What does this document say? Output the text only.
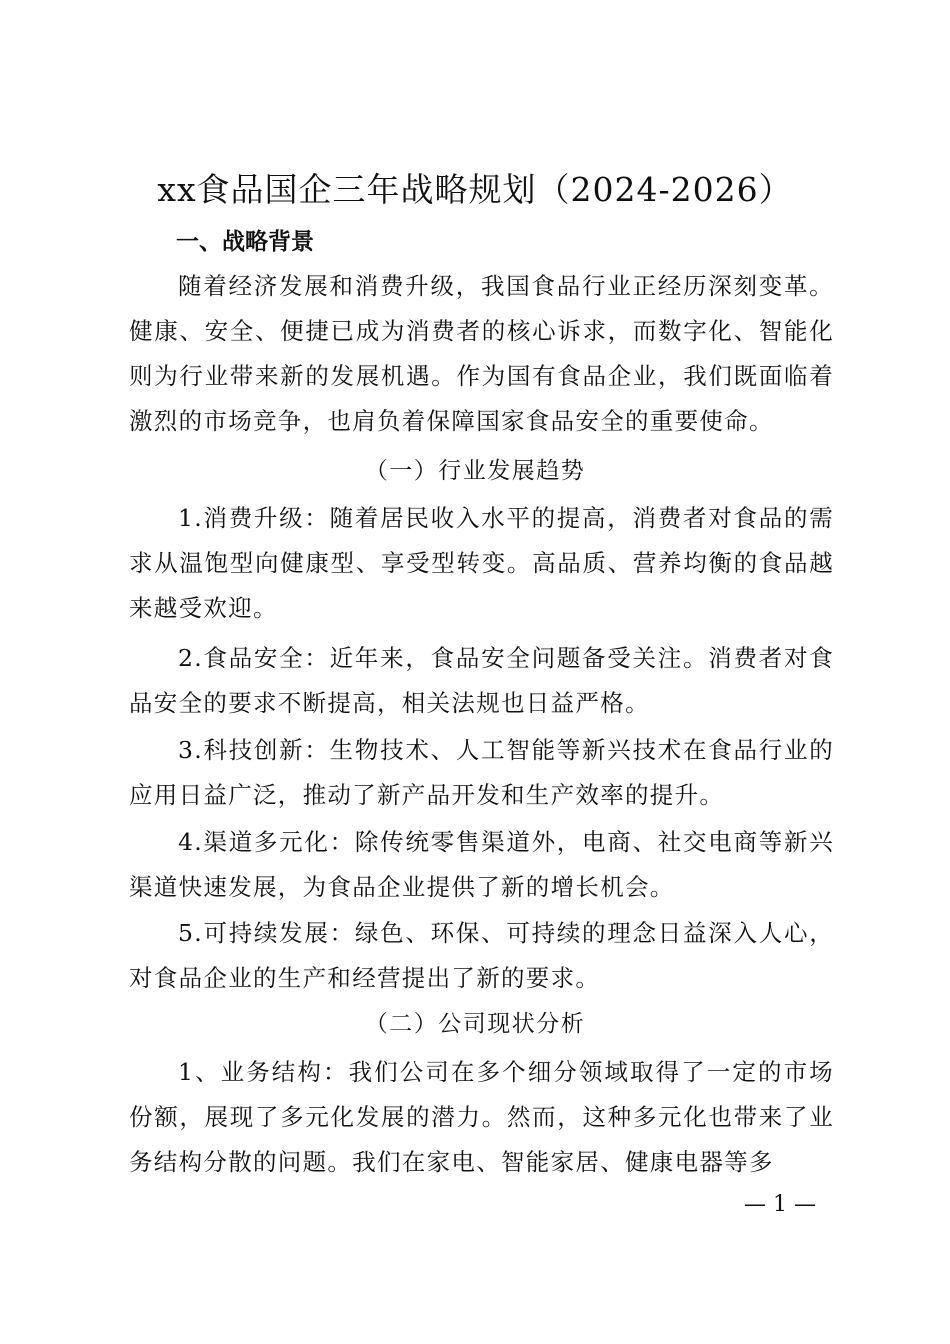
xx食品国企三年战略规划（2024-2026）
一、战略背景

随着经济发展和消费升级，我国食品行业正经历深刻变革。健康、安全、便捷已成为消费者的核心诉求，而数字化、智能化则为行业带来新的发展机遇。作为国有食品企业，我们既面临着激烈的市场竞争，也肩负着保障国家食品安全的重要使命。

（一）行业发展趋势

1.消费升级：随着居民收入水平的提高，消费者对食品的需求从温饱型向健康型、享受型转变。高品质、营养均衡的食品越来越受欢迎。

2.食品安全：近年来，食品安全问题备受关注。消费者对食品安全的要求不断提高，相关法规也日益严格。

3.科技创新：生物技术、人工智能等新兴技术在食品行业的应用日益广泛，推动了新产品开发和生产效率的提升。

4.渠道多元化：除传统零售渠道外，电商、社交电商等新兴渠道快速发展，为食品企业提供了新的增长机会。

5.可持续发展：绿色、环保、可持续的理念日益深入人心，对食品企业的生产和经营提出了新的要求。

（二）公司现状分析

1、业务结构：我们公司在多个细分领域取得了一定的市场份额，展现了多元化发展的潜力。然而，这种多元化也带来了业务结构分散的问题。我们在家电、智能家居、健康电器等多

— 1 —
